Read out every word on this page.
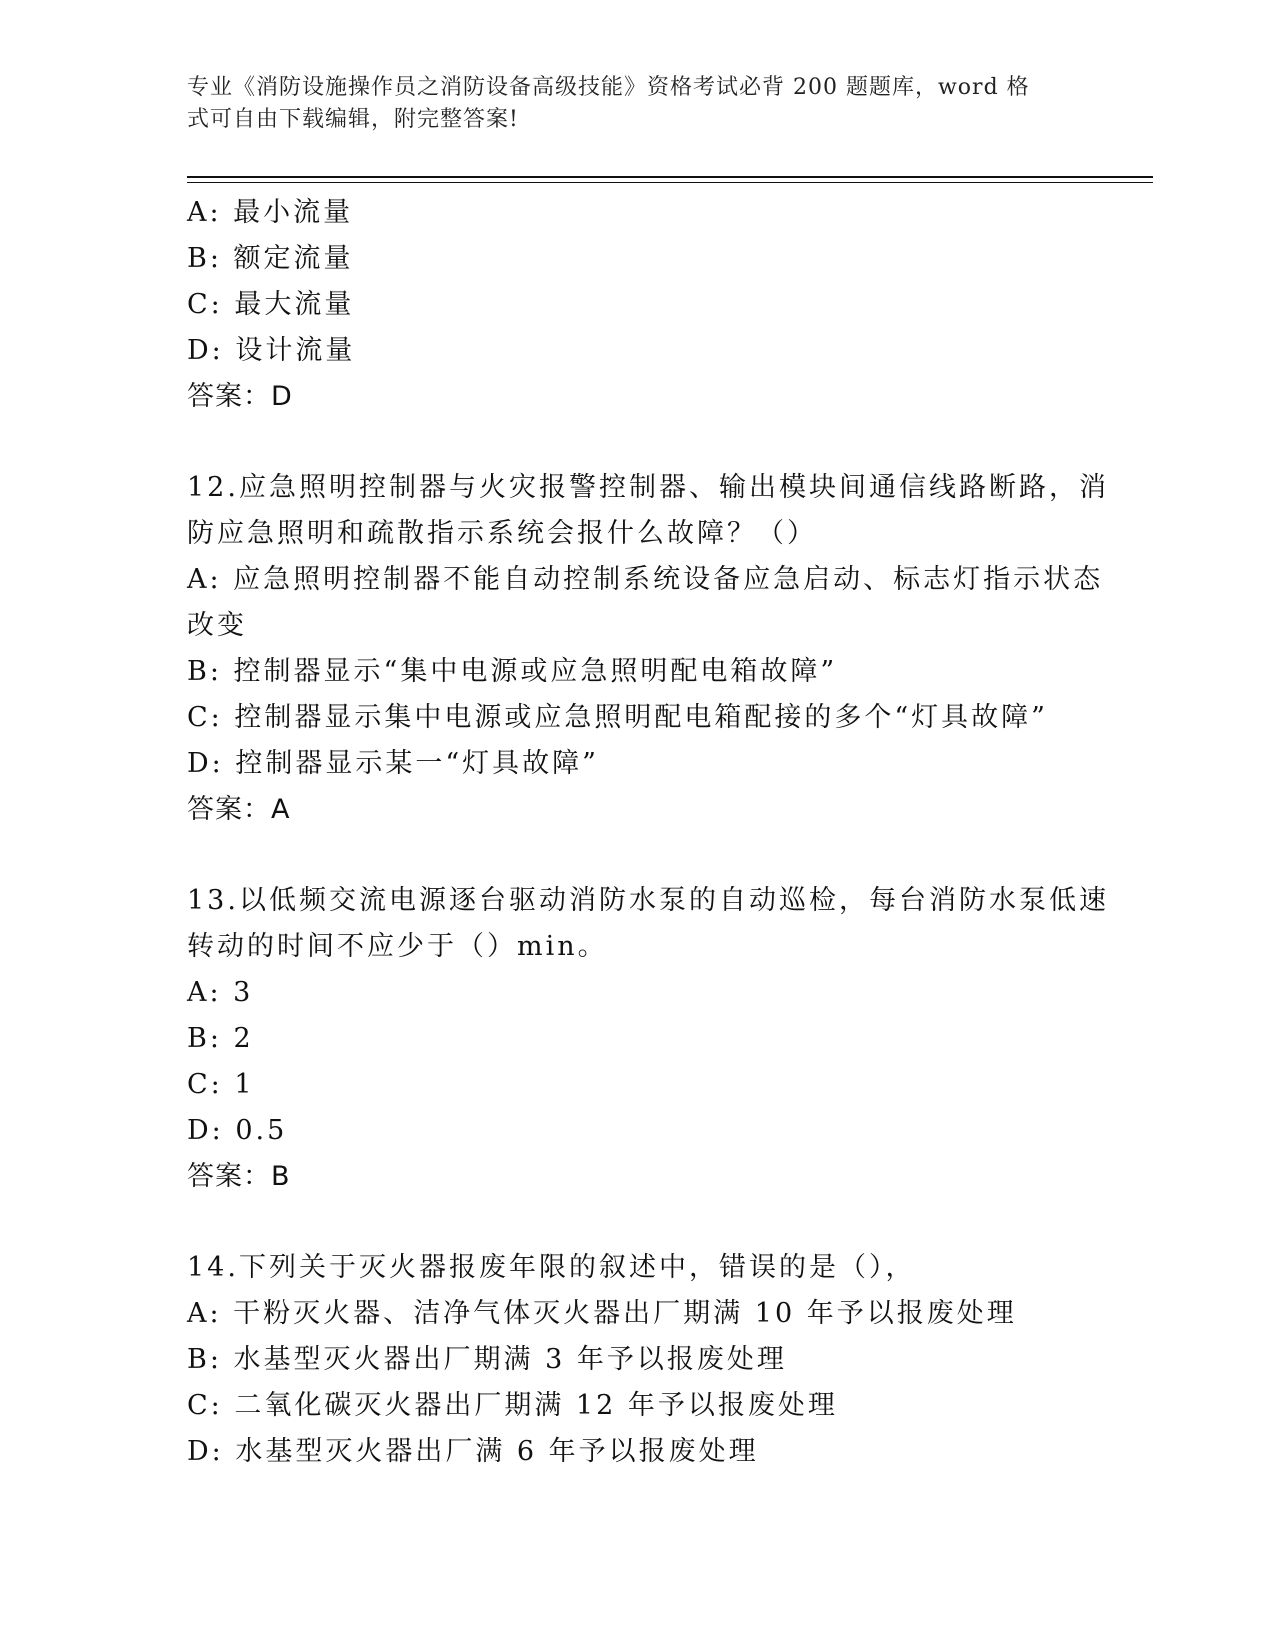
专业《消防设施操作员之消防设备高级技能》资格考试必背 200 题题库，word 格
式可自由下载编辑，附完整答案!
A: 最小流量
B: 额定流量
C: 最大流量
D: 设计流量
答案：D
12.应急照明控制器与火灾报警控制器、输出模块间通信线路断路，消
防应急照明和疏散指示系统会报什么故障？（）
A: 应急照明控制器不能自动控制系统设备应急启动、标志灯指示状态
改变
B: 控制器显示“集中电源或应急照明配电箱故障”
C: 控制器显示集中电源或应急照明配电箱配接的多个“灯具故障”
D: 控制器显示某一“灯具故障”
答案：A
13.以低频交流电源逐台驱动消防水泵的自动巡检，每台消防水泵低速
转动的时间不应少于（）min。
A: 3
B: 2
C: 1
D: 0.5
答案：B
14.下列关于灭火器报废年限的叙述中，错误的是（），
A: 干粉灭火器、洁净气体灭火器出厂期满 10 年予以报废处理
B: 水基型灭火器出厂期满 3 年予以报废处理
C: 二氧化碳灭火器出厂期满 12 年予以报废处理
D: 水基型灭火器出厂满 6 年予以报废处理
